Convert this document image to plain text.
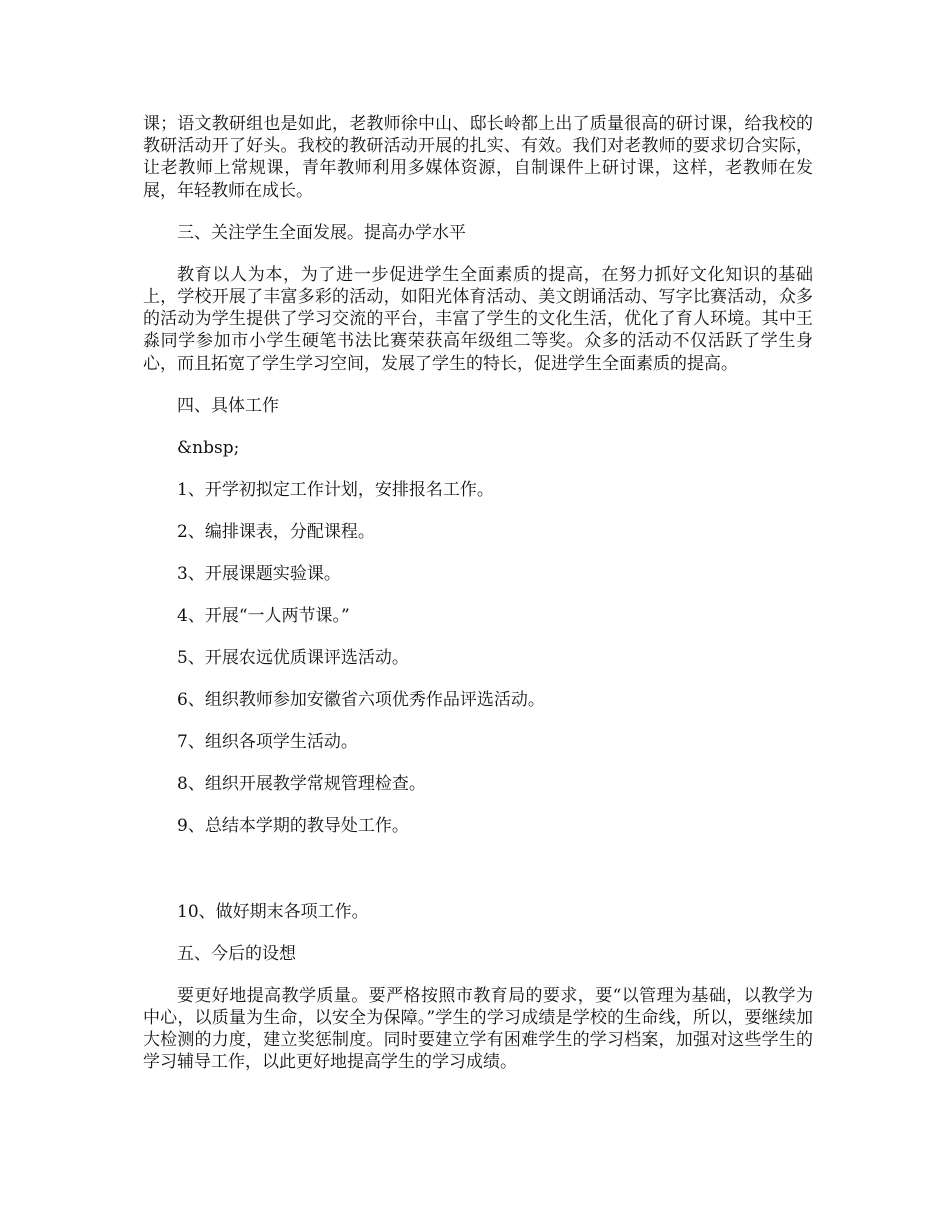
课；语文教研组也是如此，老教师徐中山、邸长岭都上出了质量很高的研讨课，给我校的教研活动开了好头。我校的教研活动开展的扎实、有效。我们对老教师的要求切合实际，让老教师上常规课，青年教师利用多媒体资源，自制课件上研讨课，这样，老教师在发展，年轻教师在成长。

三、关注学生全面发展。提高办学水平

教育以人为本，为了进一步促进学生全面素质的提高，在努力抓好文化知识的基础上，学校开展了丰富多彩的活动，如阳光体育活动、美文朗诵活动、写字比赛活动，众多的活动为学生提供了学习交流的平台，丰富了学生的文化生活，优化了育人环境。其中王淼同学参加市小学生硬笔书法比赛荣获高年级组二等奖。众多的活动不仅活跃了学生身心，而且拓宽了学生学习空间，发展了学生的特长，促进学生全面素质的提高。

四、具体工作

&nbsp;

1、开学初拟定工作计划，安排报名工作。

2、编排课表，分配课程。

3、开展课题实验课。

4、开展“一人两节课。”

5、开展农远优质课评选活动。

6、组织教师参加安徽省六项优秀作品评选活动。

7、组织各项学生活动。

8、组织开展教学常规管理检查。

9、总结本学期的教导处工作。

10、做好期末各项工作。

五、今后的设想

要更好地提高教学质量。要严格按照市教育局的要求，要“以管理为基础，以教学为中心，以质量为生命，以安全为保障。”学生的学习成绩是学校的生命线，所以，要继续加大检测的力度，建立奖惩制度。同时要建立学有困难学生的学习档案，加强对这些学生的学习辅导工作，以此更好地提高学生的学习成绩。
